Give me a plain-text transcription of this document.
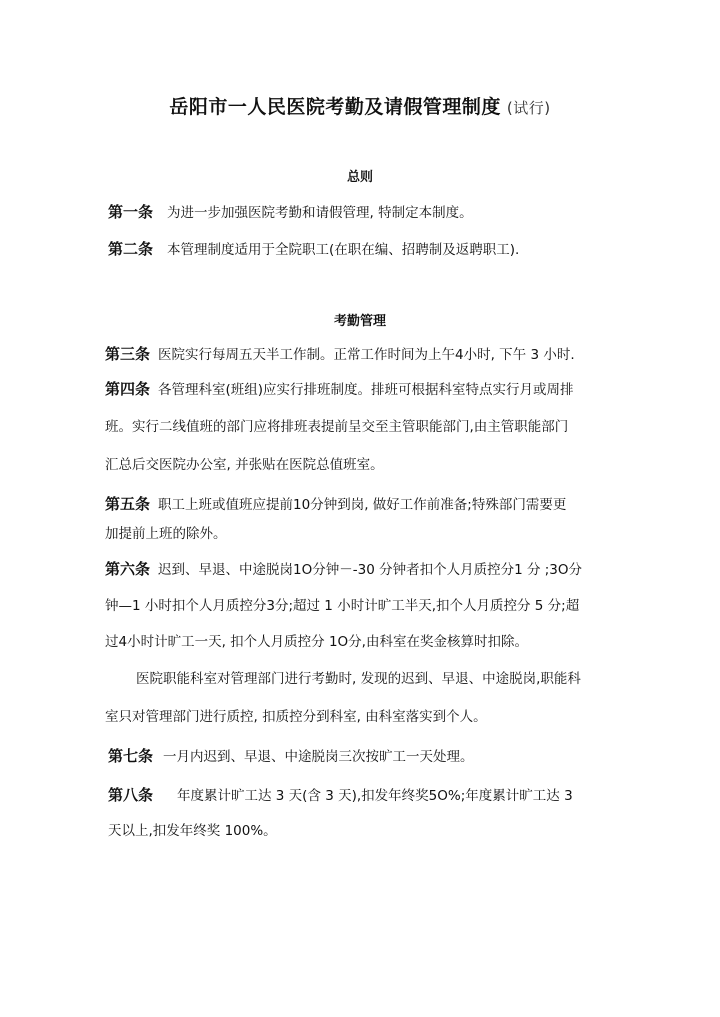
岳阳市一人民医院考勤及请假管理制度 (试行)
总则
第一条 为进一步加强医院考勤和请假管理, 特制定本制度。
第二条 本管理制度适用于全院职工(在职在编、招聘制及返聘职工).
考勤管理
第三条 医院实行每周五天半工作制。正常工作时间为上午4小时, 下午 3 小时.
第四条 各管理科室(班组)应实行排班制度。排班可根据科室特点实行月或周排
班。实行二线值班的部门应将排班表提前呈交至主管职能部门,由主管职能部门
汇总后交医院办公室, 并张贴在医院总值班室。
第五条 职工上班或值班应提前10分钟到岗, 做好工作前准备;特殊部门需要更
加提前上班的除外。
第六条 迟到、早退、中途脱岗1O分钟－-30 分钟者扣个人月质控分1 分 ;3O分
钟—1 小时扣个人月质控分3分;超过 1 小时计旷工半天,扣个人月质控分 5 分;超
过4小时计旷工一天, 扣个人月质控分 1O分,由科室在奖金核算时扣除。
医院职能科室对管理部门进行考勤时, 发现的迟到、早退、中途脱岗,职能科
室只对管理部门进行质控, 扣质控分到科室, 由科室落实到个人。
第七条 一月内迟到、早退、中途脱岗三次按旷工一天处理。
第八条 年度累计旷工达 3 天(含 3 天),扣发年终奖5O%;年度累计旷工达 3
天以上,扣发年终奖 100%。
